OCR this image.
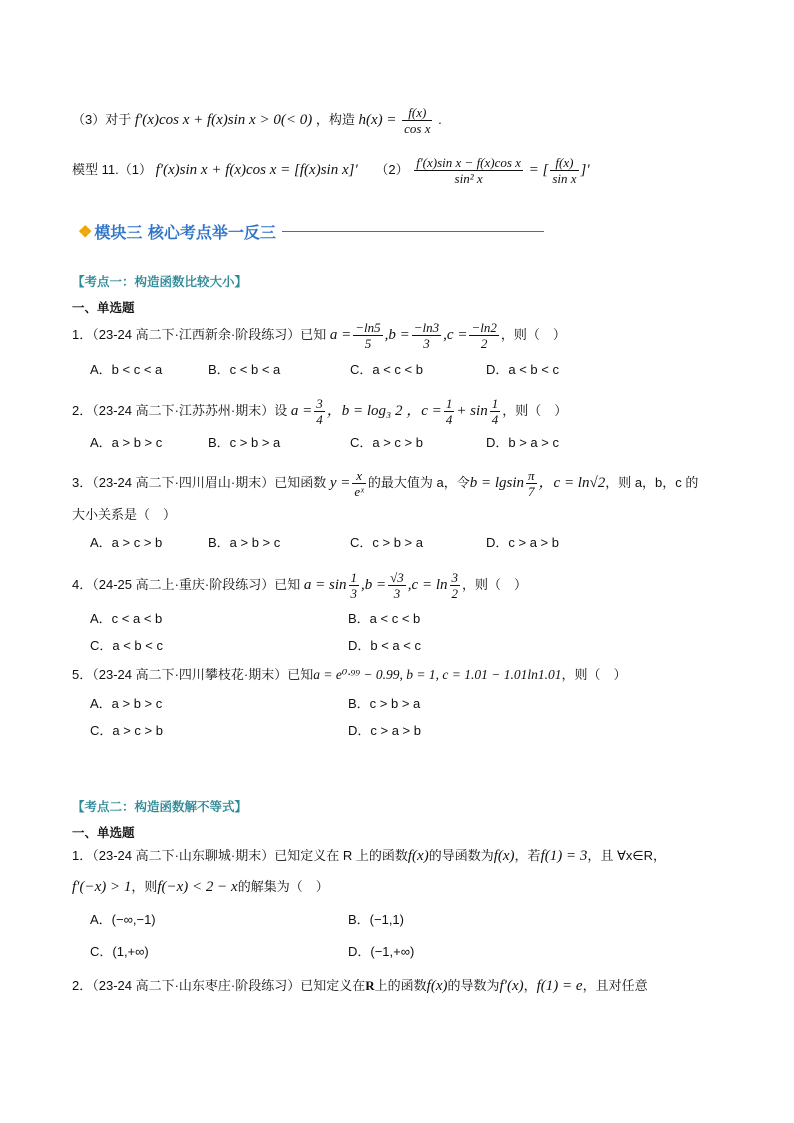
（3）对于 f′(x)cos x + f(x)sin x > 0(< 0) ，构造 $h(x) = \frac{f(x)}{\text{cos x}}$ .
模型 11.（1） f′(x)sin x + f(x)cos x = [f(x)sin x]′ $(2) \frac{\text{f′(x)sin x − f(x)cos x}}{\text{sin² x}}$ = [ $\frac{f(x)}{\text{sin x}}$ ]′
❖ 模块三 核心考点举一反三
【考点一：构造函数比较大小】
一、单选题
1．（23-24 高二下·江西新余·阶段练习）已知 $a = \frac{-\ln 5}{5} ,b = \frac{-\ln 3}{3} ,c = \frac{-\ln 2}{2}$ ，则（　）
A．b < c < a	B．c < b < a	C．a < c < b	D．a < b < c
2．（23-24 高二下·江苏苏州·期末）设 $a = \frac{3}{4}$ ，b = log₃ 2 ，$c = \frac{1}{4} + \sin \frac{1}{4}$ ，则（　）
A．a > b > c	B．c > b > a	C．a > c > b	D．b > a > c
3．（23-24 高二下·四川眉山·期末）已知函数 $y = \frac{x}{\text{eˣ}}$ 的最大值为 a，令b = lgsin $\frac{\pi}{7}$ ，c = ln√2，则 a，b，c 的
大小关系是（　）
A．a > c > b	B．a > b > c	C．c > b > a	D．c > a > b
4．（24-25 高二上·重庆·阶段练习）已知 $a = \sin \frac{1}{3} ,b = \frac{√3}{3} ,c = \ln \frac{3}{2}$ ，则（　）
A．c < a < b	B．a < c < b
C．a < b < c	D．b < a < c
5．（23-24 高二下·四川攀枝花·期末）已知a = e⁰·⁹⁹ − 0.99, b = 1, c = 1.01 − 1.01ln1.01，则（　）
A．a > b > c	B．c > b > a
C．a > c > b	D．c > a > b
【考点二：构造函数解不等式】
一、单选题
1．（23-24 高二下·山东聊城·期末）已知定义在 R 上的函数f(x)的导函数为f(x)，若f(1) = 3，且 ∀x∈R，
f′(−x) > 1，则f(−x) < 2 − x的解集为（　）
A．(−∞,−1)	B．(−1,1)
C．(1,+∞)	D．(−1,+∞)
2．（23-24 高二下·山东枣庄·阶段练习）已知定义在R上的函数f(x)的导数为f′(x)，f(1) = e，且对任意
